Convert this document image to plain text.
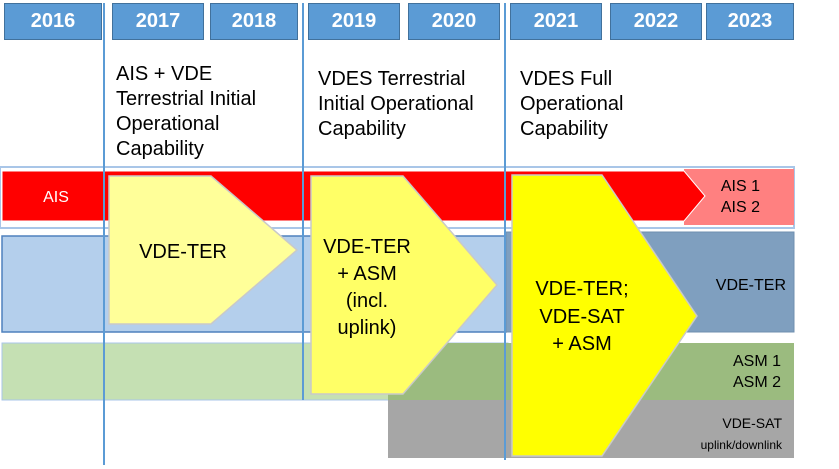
2016	2017	2018	2019	2020	2021	2022	2023
AIS + VDE
Terrestrial Initial
Operational
Capability
VDES Terrestrial
Initial Operational
Capability
VDES Full
Operational
Capability
AIS
AIS 1
AIS 2
VDE-TER
ASM 1
ASM 2
VDE-SAT
uplink/downlink
VDE-TER	VDE-TER
+ ASM
(incl.
uplink)
VDE-TER;
VDE-SAT
+ ASM
